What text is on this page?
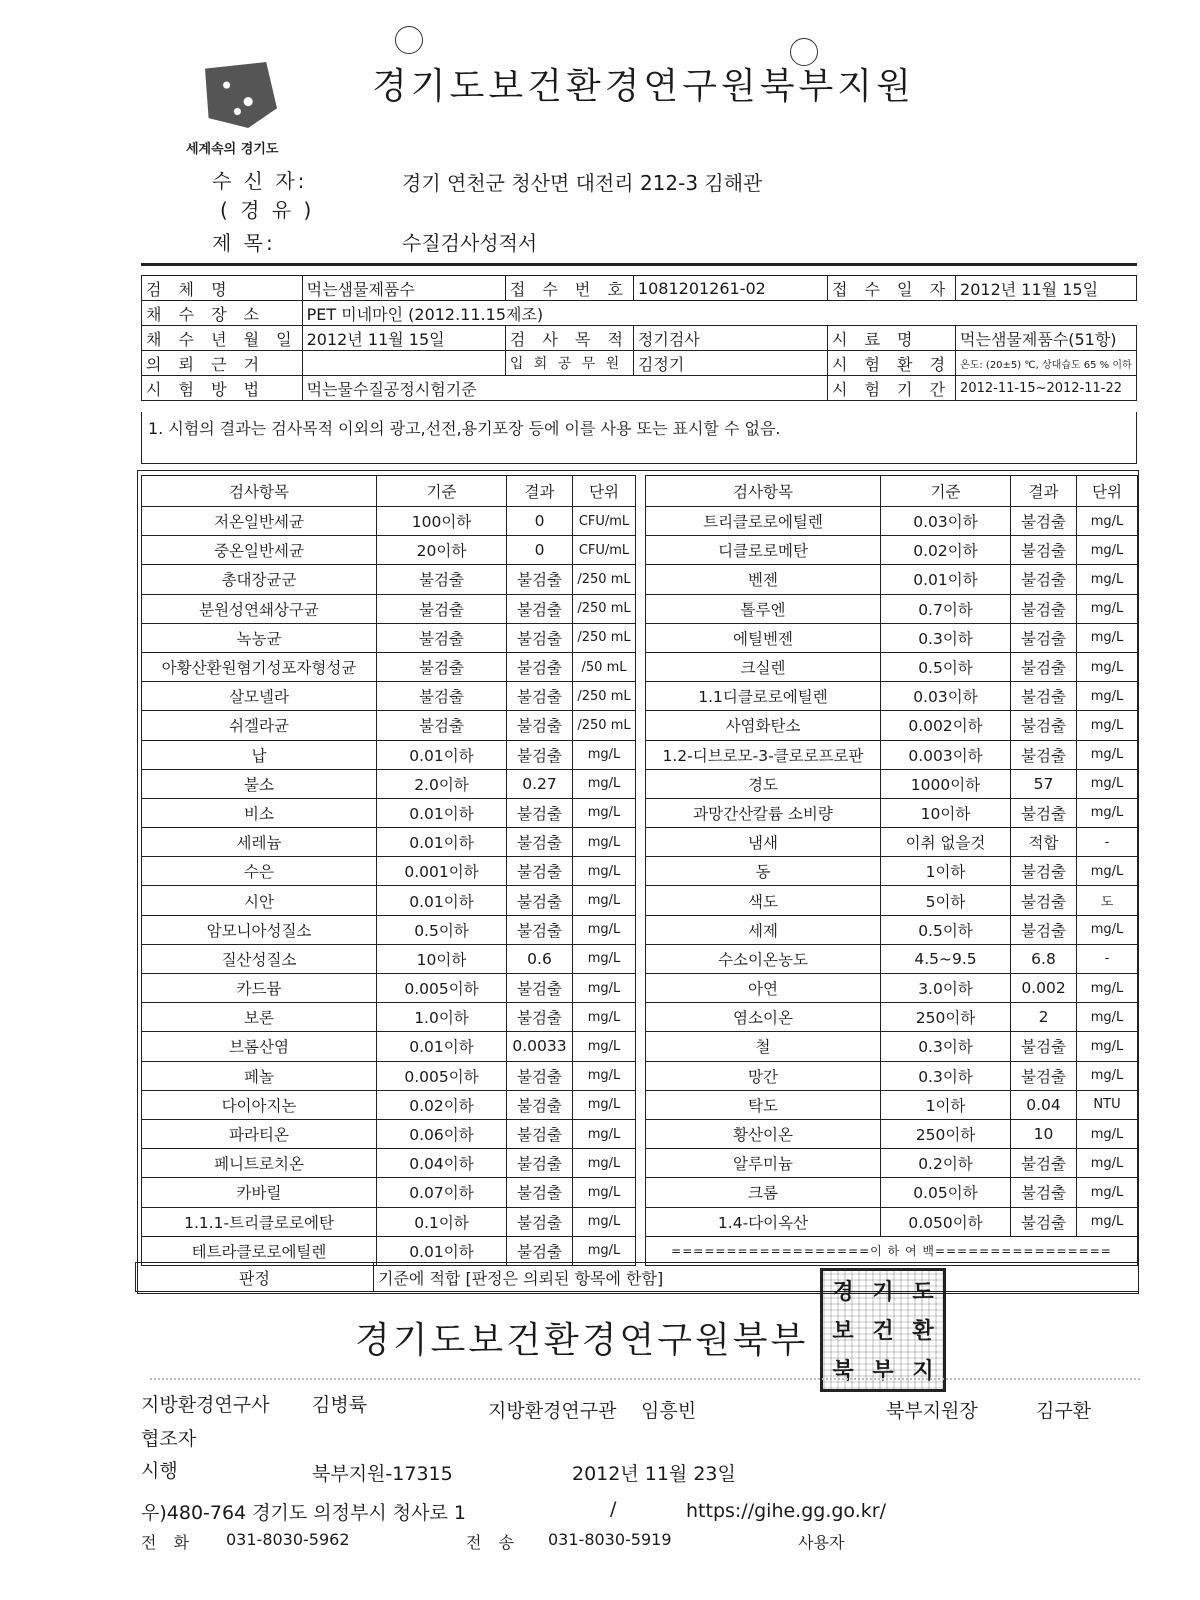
세계속의 경기도
경기도보건환경연구원북부지원
수 신 자:	경기 연천군 청산면 대전리 212-3 김해관
( 경 유 )
제 목:	수질검사성적서
검 체 명	먹는샘물제품수	접 수 번 호	1081201261-02	접 수 일 자	2012년 11월 15일
채 수 장 소	PET 미네마인 (2012.11.15제조)				
채 수 년 월 일	2012년 11월 15일	검 사 목 적	정기검사	시 료 명	먹는샘물제품수(51항)
의 뢰 근 거		입 회 공 무 원	김정기	시 험 환 경	온도: (20±5) ℃, 상대습도 65 % 이하
시 험 방 법	먹는물수질공정시험기준			시 험 기 간	2012-11-15~2012-11-22
1. 시험의 결과는 검사목적 이외의 광고,선전,용기포장 등에 이를 사용 또는 표시할 수 없음.
검사항목	기준	결과	단위
저온일반세균	100이하	0	CFU/mL
중온일반세균	20이하	0	CFU/mL
총대장균군	불검출	불검출	/250 mL
분원성연쇄상구균	불검출	불검출	/250 mL
녹농균	불검출	불검출	/250 mL
아황산환원혐기성포자형성균	불검출	불검출	/50 mL
살모넬라	불검출	불검출	/250 mL
쉬겔라균	불검출	불검출	/250 mL
납	0.01이하	불검출	mg/L
불소	2.0이하	0.27	mg/L
비소	0.01이하	불검출	mg/L
세레늄	0.01이하	불검출	mg/L
수은	0.001이하	불검출	mg/L
시안	0.01이하	불검출	mg/L
암모니아성질소	0.5이하	불검출	mg/L
질산성질소	10이하	0.6	mg/L
카드뮴	0.005이하	불검출	mg/L
보론	1.0이하	불검출	mg/L
브롬산염	0.01이하	0.0033	mg/L
페놀	0.005이하	불검출	mg/L
다이아지논	0.02이하	불검출	mg/L
파라티온	0.06이하	불검출	mg/L
페니트로치온	0.04이하	불검출	mg/L
카바릴	0.07이하	불검출	mg/L
1.1.1-트리클로로에탄	0.1이하	불검출	mg/L
테트라클로로에틸렌	0.01이하	불검출	mg/L
검사항목	기준	결과	단위
트리클로로에틸렌	0.03이하	불검출	mg/L
디클로로메탄	0.02이하	불검출	mg/L
벤젠	0.01이하	불검출	mg/L
톨루엔	0.7이하	불검출	mg/L
에틸벤젠	0.3이하	불검출	mg/L
크실렌	0.5이하	불검출	mg/L
1.1디클로로에틸렌	0.03이하	불검출	mg/L
사염화탄소	0.002이하	불검출	mg/L
1.2-디브로모-3-클로로프로판	0.003이하	불검출	mg/L
경도	1000이하	57	mg/L
과망간산칼륨 소비량	10이하	불검출	mg/L
냄새	이취 없을것	적합	-
동	1이하	불검출	mg/L
색도	5이하	불검출	도
세제	0.5이하	불검출	mg/L
수소이온농도	4.5~9.5	6.8	-
아연	3.0이하	0.002	mg/L
염소이온	250이하	2	mg/L
철	0.3이하	불검출	mg/L
망간	0.3이하	불검출	mg/L
탁도	1이하	0.04	NTU
황산이온	250이하	10	mg/L
알루미늄	0.2이하	불검출	mg/L
크롬	0.05이하	불검출	mg/L
1.4-다이옥산	0.050이하	불검출	mg/L
==================이 하 여 백================			
판정	기준에 적합 [판정은 의뢰된 항목에 한함]
경기도보건환경연구원북부
경 기 도
보 건 환
북 부 지
지방환경연구사 김병륙	지방환경연구관 임흥빈	북부지원장	김구환
협조자
시행	북부지원-17315	2012년 11월 23일
우)480-764 경기도 의정부시 청사로 1	/	https://gihe.gg.go.kr/
전 화 031-8030-5962	전 송 031-8030-5919	사용자
